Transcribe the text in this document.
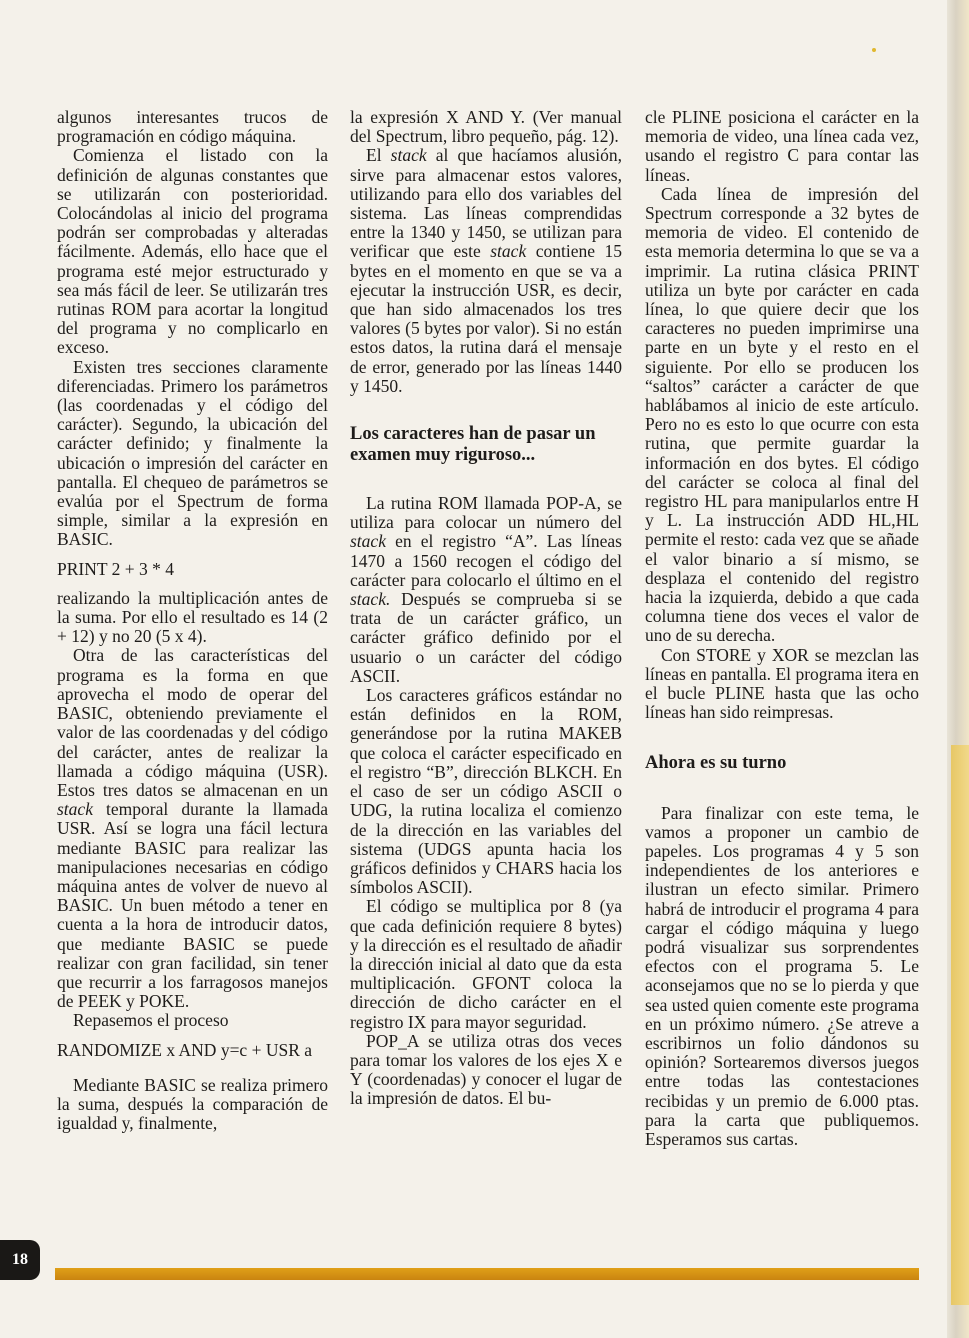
algunos interesantes trucos de programación en código máquina.

Comienza el listado con la definición de algunas constantes que se utilizarán con posterioridad. Colocándolas al inicio del programa podrán ser comprobadas y alteradas fácilmente. Además, ello hace que el programa esté mejor estructurado y sea más fácil de leer. Se utilizarán tres rutinas ROM para acortar la longitud del programa y no complicarlo en exceso.

Existen tres secciones claramente diferenciadas. Primero los parámetros (las coordenadas y el código del carácter). Segundo, la ubicación del carácter definido; y finalmente la ubicación o impresión del carácter en pantalla. El chequeo de parámetros se evalúa por el Spectrum de forma simple, similar a la expresión en BASIC.

PRINT 2 + 3 * 4

realizando la multiplicación antes de la suma. Por ello el resultado es 14 (2 + 12) y no 20 (5 x 4).

Otra de las características del programa es la forma en que aprovecha el modo de operar del BASIC, obteniendo previamente el valor de las coordenadas y del código del carácter, antes de realizar la llamada a código máquina (USR). Estos tres datos se almacenan en un stack temporal durante la llamada USR. Así se logra una fácil lectura mediante BASIC para realizar las manipulaciones necesarias en código máquina antes de volver de nuevo al BASIC. Un buen método a tener en cuenta a la hora de introducir datos, que mediante BASIC se puede realizar con gran facilidad, sin tener que recurrir a los farragosos manejos de PEEK y POKE.

Repasemos el proceso

RANDOMIZE x AND y=c + USR a

Mediante BASIC se realiza primero la suma, después la comparación de igualdad y, finalmente,

la expresión X AND Y. (Ver manual del Spectrum, libro pequeño, pág. 12).

El stack al que hacíamos alusión, sirve para almacenar estos valores, utilizando para ello dos variables del sistema. Las líneas comprendidas entre la 1340 y 1450, se utilizan para verificar que este stack contiene 15 bytes en el momento en que se va a ejecutar la instrucción USR, es decir, que han sido almacenados los tres valores (5 bytes por valor). Si no están estos datos, la rutina dará el mensaje de error, generado por las líneas 1440 y 1450.

Los caracteres han de pasar un examen muy riguroso...

La rutina ROM llamada POP-A, se utiliza para colocar un número del stack en el registro “A”. Las líneas 1470 a 1560 recogen el código del carácter para colocarlo el último en el stack. Después se comprueba si se trata de un carácter gráfico, un carácter gráfico definido por el usuario o un carácter del código ASCII.

Los caracteres gráficos estándar no están definidos en la ROM, generándose por la rutina MAKEB que coloca el carácter especificado en el registro “B”, dirección BLKCH. En el caso de ser un código ASCII o UDG, la rutina localiza el comienzo de la dirección en las variables del sistema (UDGS apunta hacia los gráficos definidos y CHARS hacia los símbolos ASCII).

El código se multiplica por 8 (ya que cada definición requiere 8 bytes) y la dirección es el resultado de añadir la dirección inicial al dato que da esta multiplicación. GFONT coloca la dirección de dicho carácter en el registro IX para mayor seguridad.

POP_A se utiliza otras dos veces para tomar los valores de los ejes X e Y (coordenadas) y conocer el lugar de la impresión de datos. El bu-

cle PLINE posiciona el carácter en la memoria de video, una línea cada vez, usando el registro C para contar las líneas.

Cada línea de impresión del Spectrum corresponde a 32 bytes de memoria de video. El contenido de esta memoria determina lo que se va a imprimir. La rutina clásica PRINT utiliza un byte por carácter en cada línea, lo que quiere decir que los caracteres no pueden imprimirse una parte en un byte y el resto en el siguiente. Por ello se producen los “saltos” carácter a carácter de que hablábamos al inicio de este artículo. Pero no es esto lo que ocurre con esta rutina, que permite guardar la información en dos bytes. El código del carácter se coloca al final del registro HL para manipularlos entre H y L. La instrucción ADD HL,HL permite el resto: cada vez que se añade el valor binario a sí mismo, se desplaza el contenido del registro hacia la izquierda, debido a que cada columna tiene dos veces el valor de uno de su derecha.

Con STORE y XOR se mezclan las líneas en pantalla. El programa itera en el bucle PLINE hasta que las ocho líneas han sido reimpresas.

Ahora es su turno

Para finalizar con este tema, le vamos a proponer un cambio de papeles. Los programas 4 y 5 son independientes de los anteriores e ilustran un efecto similar. Primero habrá de introducir el programa 4 para cargar el código máquina y luego podrá visualizar sus sorprendentes efectos con el programa 5. Le aconsejamos que no se lo pierda y que sea usted quien comente este programa en un próximo número. ¿Se atreve a escribirnos un folio dándonos su opinión? Sortearemos diversos juegos entre todas las contestaciones recibidas y un premio de 6.000 ptas. para la carta que publiquemos. Esperamos sus cartas.

18
